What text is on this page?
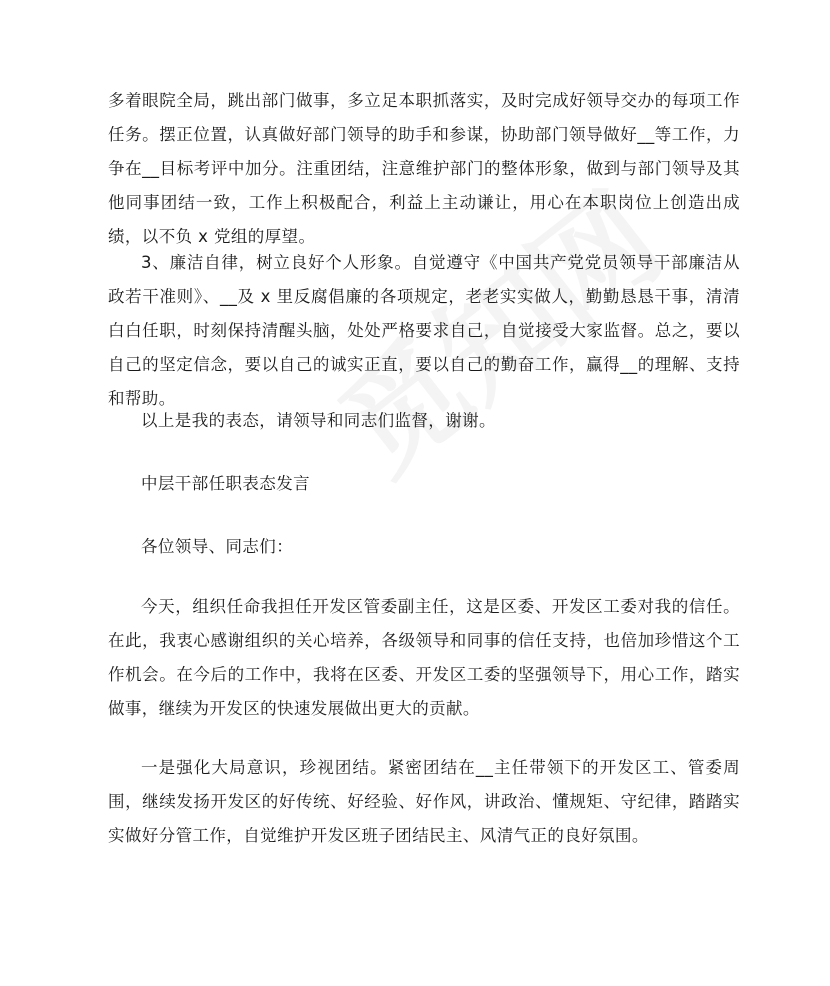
多着眼院全局，跳出部门做事，多立足本职抓落实，及时完成好领导交办的每项工作任务。摆正位置，认真做好部门领导的助手和参谋，协助部门领导做好__等工作，力争在__目标考评中加分。注重团结，注意维护部门的整体形象，做到与部门领导及其他同事团结一致，工作上积极配合，利益上主动谦让，用心在本职岗位上创造出成绩，以不负 x 党组的厚望。

3、廉洁自律，树立良好个人形象。自觉遵守《中国共产党党员领导干部廉洁从政若干准则》、__及 x 里反腐倡廉的各项规定，老老实实做人，勤勤恳恳干事，清清白白任职，时刻保持清醒头脑，处处严格要求自己，自觉接受大家监督。总之，要以自己的坚定信念，要以自己的诚实正直，要以自己的勤奋工作，赢得__的理解、支持和帮助。

以上是我的表态，请领导和同志们监督，谢谢。

中层干部任职表态发言

各位领导、同志们：

今天，组织任命我担任开发区管委副主任，这是区委、开发区工委对我的信任。在此，我衷心感谢组织的关心培养，各级领导和同事的信任支持，也倍加珍惜这个工作机会。在今后的工作中，我将在区委、开发区工委的坚强领导下，用心工作，踏实做事，继续为开发区的快速发展做出更大的贡献。

一是强化大局意识，珍视团结。紧密团结在__主任带领下的开发区工、管委周围，继续发扬开发区的好传统、好经验、好作风，讲政治、懂规矩、守纪律，踏踏实实做好分管工作，自觉维护开发区班子团结民主、风清气正的良好氛围。
